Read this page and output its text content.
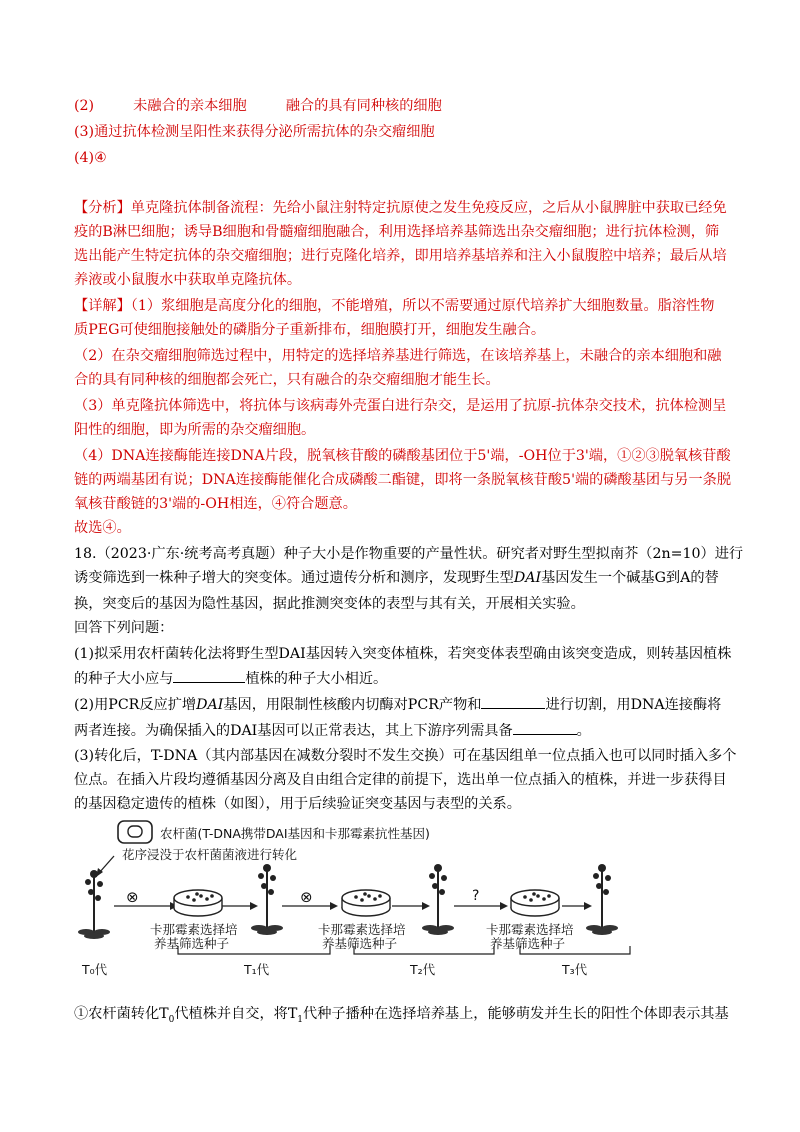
(2)	未融合的亲本细胞	融合的具有同种核的细胞
(3)通过抗体检测呈阳性来获得分泌所需抗体的杂交瘤细胞
(4)④
【分析】单克隆抗体制备流程：先给小鼠注射特定抗原使之发生免疫反应，之后从小鼠脾脏中获取已经免
疫的B淋巴细胞；诱导B细胞和骨髓瘤细胞融合，利用选择培养基筛选出杂交瘤细胞；进行抗体检测，筛
选出能产生特定抗体的杂交瘤细胞；进行克隆化培养，即用培养基培养和注入小鼠腹腔中培养；最后从培
养液或小鼠腹水中获取单克隆抗体。
【详解】（1）浆细胞是高度分化的细胞，不能增殖，所以不需要通过原代培养扩大细胞数量。脂溶性物
质PEG可使细胞接触处的磷脂分子重新排布，细胞膜打开，细胞发生融合。
（2）在杂交瘤细胞筛选过程中，用特定的选择培养基进行筛选，在该培养基上，未融合的亲本细胞和融
合的具有同种核的细胞都会死亡，只有融合的杂交瘤细胞才能生长。
（3）单克隆抗体筛选中，将抗体与该病毒外壳蛋白进行杂交，是运用了抗原-抗体杂交技术，抗体检测呈
阳性的细胞，即为所需的杂交瘤细胞。
（4）DNA连接酶能连接DNA片段，脱氧核苷酸的磷酸基团位于5'端，-OH位于3'端，①②③脱氧核苷酸
链的两端基团有说；DNA连接酶能催化合成磷酸二酯键，即将一条脱氧核苷酸5'端的磷酸基团与另一条脱
氧核苷酸链的3'端的-OH相连，④符合题意。
故选④。
18.（2023·广东·统考高考真题）种子大小是作物重要的产量性状。研究者对野生型拟南芥（2n=10）进行
诱变筛选到一株种子增大的突变体。通过遗传分析和测序，发现野生型DAI基因发生一个碱基G到A的替
换，突变后的基因为隐性基因，据此推测突变体的表型与其有关，开展相关实验。
回答下列问题：
(1)拟采用农杆菌转化法将野生型DAI基因转入突变体植株，若突变体表型确由该突变造成，则转基因植株
的种子大小应与	植株的种子大小相近。
(2)用PCR反应扩增DAI基因，用限制性核酸内切酶对PCR产物和	进行切割，用DNA连接酶将
两者连接。为确保插入的DAI基因可以正常表达，其上下游序列需具备	。
(3)转化后，T-DNA（其内部基因在减数分裂时不发生交换）可在基因组单一位点插入也可以同时插入多个
位点。在插入片段均遵循基因分离及自由组合定律的前提下，选出单一位点插入的植株，并进一步获得目
的基因稳定遗传的植株（如图），用于后续验证突变基因与表型的关系。
农杆菌(T-DNA携带DAI基因和卡那霉素抗性基因)
花序浸没于农杆菌菌液进行转化
⊗	⊗	?
卡那霉素选择培
养基筛选种子
卡那霉素选择培
养基筛选种子
卡那霉素选择培
养基筛选种子
T₀代	T₁代	T₂代	T₃代
①农杆菌转化$T_0$代植株并自交，将$T_1$代种子播种在选择培养基上，能够萌发并生长的阳性个体即表示其基
